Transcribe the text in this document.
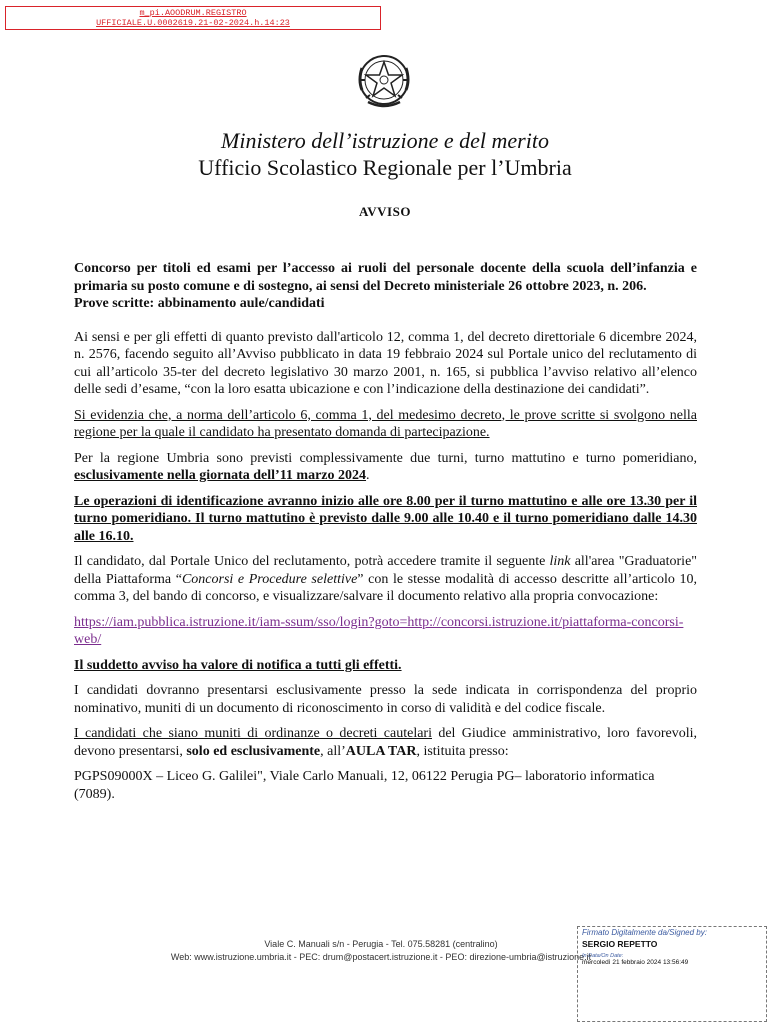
m_pi.AOODRUM.REGISTRO
UFFICIALE.U.0002619.21-02-2024.h.14:23
Ministero dell’istruzione e del merito
Ufficio Scolastico Regionale per l’Umbria
AVVISO

Concorso per titoli ed esami per l’accesso ai ruoli del personale docente della scuola dell’infanzia e primaria su posto comune e di sostegno, ai sensi del Decreto ministeriale 26 ottobre 2023, n. 206.
Prove scritte: abbinamento aule/candidati

Ai sensi e per gli effetti di quanto previsto dall'articolo 12, comma 1, del decreto direttoriale 6 dicembre 2024, n. 2576, facendo seguito all’Avviso pubblicato in data 19 febbraio 2024 sul Portale unico del reclutamento di cui all’articolo 35-ter del decreto legislativo 30 marzo 2001, n. 165, si pubblica l’avviso relativo all’elenco delle sedi d’esame, “con la loro esatta ubicazione e con l’indicazione della destinazione dei candidati”.

Si evidenzia che, a norma dell’articolo 6, comma 1, del medesimo decreto, le prove scritte si svolgono nella regione per la quale il candidato ha presentato domanda di partecipazione.

Per la regione Umbria sono previsti complessivamente due turni, turno mattutino e turno pomeridiano, esclusivamente nella giornata dell’11 marzo 2024.

Le operazioni di identificazione avranno inizio alle ore 8.00 per il turno mattutino e alle ore 13.30 per il turno pomeridiano. Il turno mattutino è previsto dalle 9.00 alle 10.40 e il turno pomeridiano dalle 14.30 alle 16.10.

Il candidato, dal Portale Unico del reclutamento, potrà accedere tramite il seguente link all'area "Graduatorie" della Piattaforma “Concorsi e Procedure selettive” con le stesse modalità di accesso descritte all’articolo 10, comma 3, del bando di concorso, e visualizzare/salvare il documento relativo alla propria convocazione:

https://iam.pubblica.istruzione.it/iam-ssum/sso/login?goto=http://concorsi.istruzione.it/piattaforma-concorsi-web/

Il suddetto avviso ha valore di notifica a tutti gli effetti.

I candidati dovranno presentarsi esclusivamente presso la sede indicata in corrispondenza del proprio nominativo, muniti di un documento di riconoscimento in corso di validità e del codice fiscale.

I candidati che siano muniti di ordinanze o decreti cautelari del Giudice amministrativo, loro favorevoli, devono presentarsi, solo ed esclusivamente, all’AULA TAR, istituita presso:

PGPS09000X – Liceo G. Galilei", Viale Carlo Manuali, 12, 06122 Perugia PG– laboratorio informatica (7089).

Viale C. Manuali s/n - Perugia - Tel. 075.58281 (centralino)
Web: www.istruzione.umbria.it - PEC: drum@postacert.istruzione.it - PEO: direzione-umbria@istruzione.it
Firmato Digitalmente da/Signed by:
SERGIO REPETTO
In Data/On Date:
mercoledì 21 febbraio 2024 13:56:49
